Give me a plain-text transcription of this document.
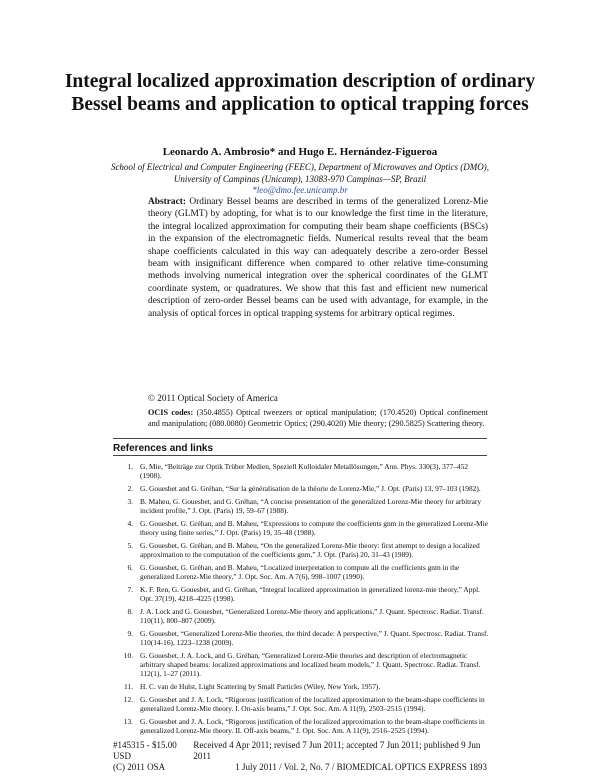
Integral localized approximation description of ordinary Bessel beams and application to optical trapping forces
Leonardo A. Ambrosio* and Hugo E. Hernández-Figueroa
School of Electrical and Computer Engineering (FEEC), Department of Microwaves and Optics (DMO),
University of Campinas (Unicamp), 13083-970 Campinas—SP, Brazil
*leo@dmo.fee.unicamp.br
Abstract: Ordinary Bessel beams are described in terms of the generalized Lorenz-Mie theory (GLMT) by adopting, for what is to our knowledge the first time in the literature, the integral localized approximation for computing their beam shape coefficients (BSCs) in the expansion of the electromagnetic fields. Numerical results reveal that the beam shape coefficients calculated in this way can adequately describe a zero-order Bessel beam with insignificant difference when compared to other relative time-consuming methods involving numerical integration over the spherical coordinates of the GLMT coordinate system, or quadratures. We show that this fast and efficient new numerical description of zero-order Bessel beams can be used with advantage, for example, in the analysis of optical forces in optical trapping systems for arbitrary optical regimes.
© 2011 Optical Society of America
OCIS codes: (350.4855) Optical tweezers or optical manipulation; (170.4520) Optical confinement and manipulation; (080.0080) Geometric Optics; (290.4020) Mie theory; (290.5825) Scattering theory.
References and links
1. G. Mie, “Beiträge zur Optik Trüber Medien, Speziell Kolloidaler Metallösungen,” Ann. Phys. 330(3), 377–452 (1908).
2. G. Gouesbet and G. Gréhan, “Sur la généralisation de la théorie de Lorenz-Mie,” J. Opt. (Paris) 13, 97–103 (1982).
3. B. Maheu, G. Gouesbet, and G. Gréhan, “A concise presentation of the generalized Lorenz-Mie theory for arbitrary incident profile,” J. Opt. (Paris) 19, 59–67 (1988).
4. G. Gouesbet, G. Gréhan, and B. Maheu, “Expressions to compute the coefficients gnm in the generalized Lorenz-Mie theory using finite series,” J. Opt. (Paris) 19, 35–48 (1988).
5. G. Gouesbet, G. Gréhan, and B. Maheu, “On the generalized Lorenz-Mie theory: first attempt to design a localized approximation to the computation of the coefficients gnm,” J. Opt. (Paris) 20, 31–43 (1989).
6. G. Gouesbet, G. Gréhan, and B. Maheu, “Localized interpretation to compute all the coefficients gnm in the generalized Lorenz-Mie theory,” J. Opt. Soc. Am. A 7(6), 998–1007 (1990).
7. K. F. Ren, G. Gouesbet, and G. Gréhan, “Integral localized approximation in generalized lorenz-mie theory,” Appl. Opt. 37(19), 4218–4225 (1998).
8. J. A. Lock and G. Gouesbet, “Generalized Lorenz-Mie theory and applications,” J. Quant. Spectrosc. Radiat. Transf. 110(11), 800–807 (2009).
9. G. Gouesbet, “Generalized Lorenz-Mie theories, the third decade: A perspective,” J. Quant. Spectrosc. Radiat. Transf. 110(14-16), 1223–1238 (2009).
10. G. Gouesbet, J. A. Lock, and G. Gréhan, “Generalized Lorenz-Mie theories and description of electromagnetic arbitrary shaped beams: localized approximations and localized beam models,” J. Quant. Spectrosc. Radiat. Transf. 112(1), 1–27 (2011).
11. H. C. van de Hulst, Light Scattering by Small Particles (Wiley, New York, 1957).
12. G. Gouesbet and J. A. Lock, “Rigorous justification of the localized approximation to the beam-shape coefficients in generalized Lorenz-Mie theory. I. On-axis beams,” J. Opt. Soc. Am. A 11(9), 2503–2515 (1994).
13. G. Gouesbet and J. A. Lock, “Rigorous justification of the localized approximation to the beam-shape coefficients in generalized Lorenz-Mie theory. II. Off-axis beams,” J. Opt. Soc. Am. A 11(9), 2516–2525 (1994).
#145315 - $15.00 USD
Received 4 Apr 2011; revised 7 Jun 2011; accepted 7 Jun 2011; published 9 Jun 2011
(C) 2011 OSA	1 July 2011 / Vol. 2, No. 7 / BIOMEDICAL OPTICS EXPRESS 1893
